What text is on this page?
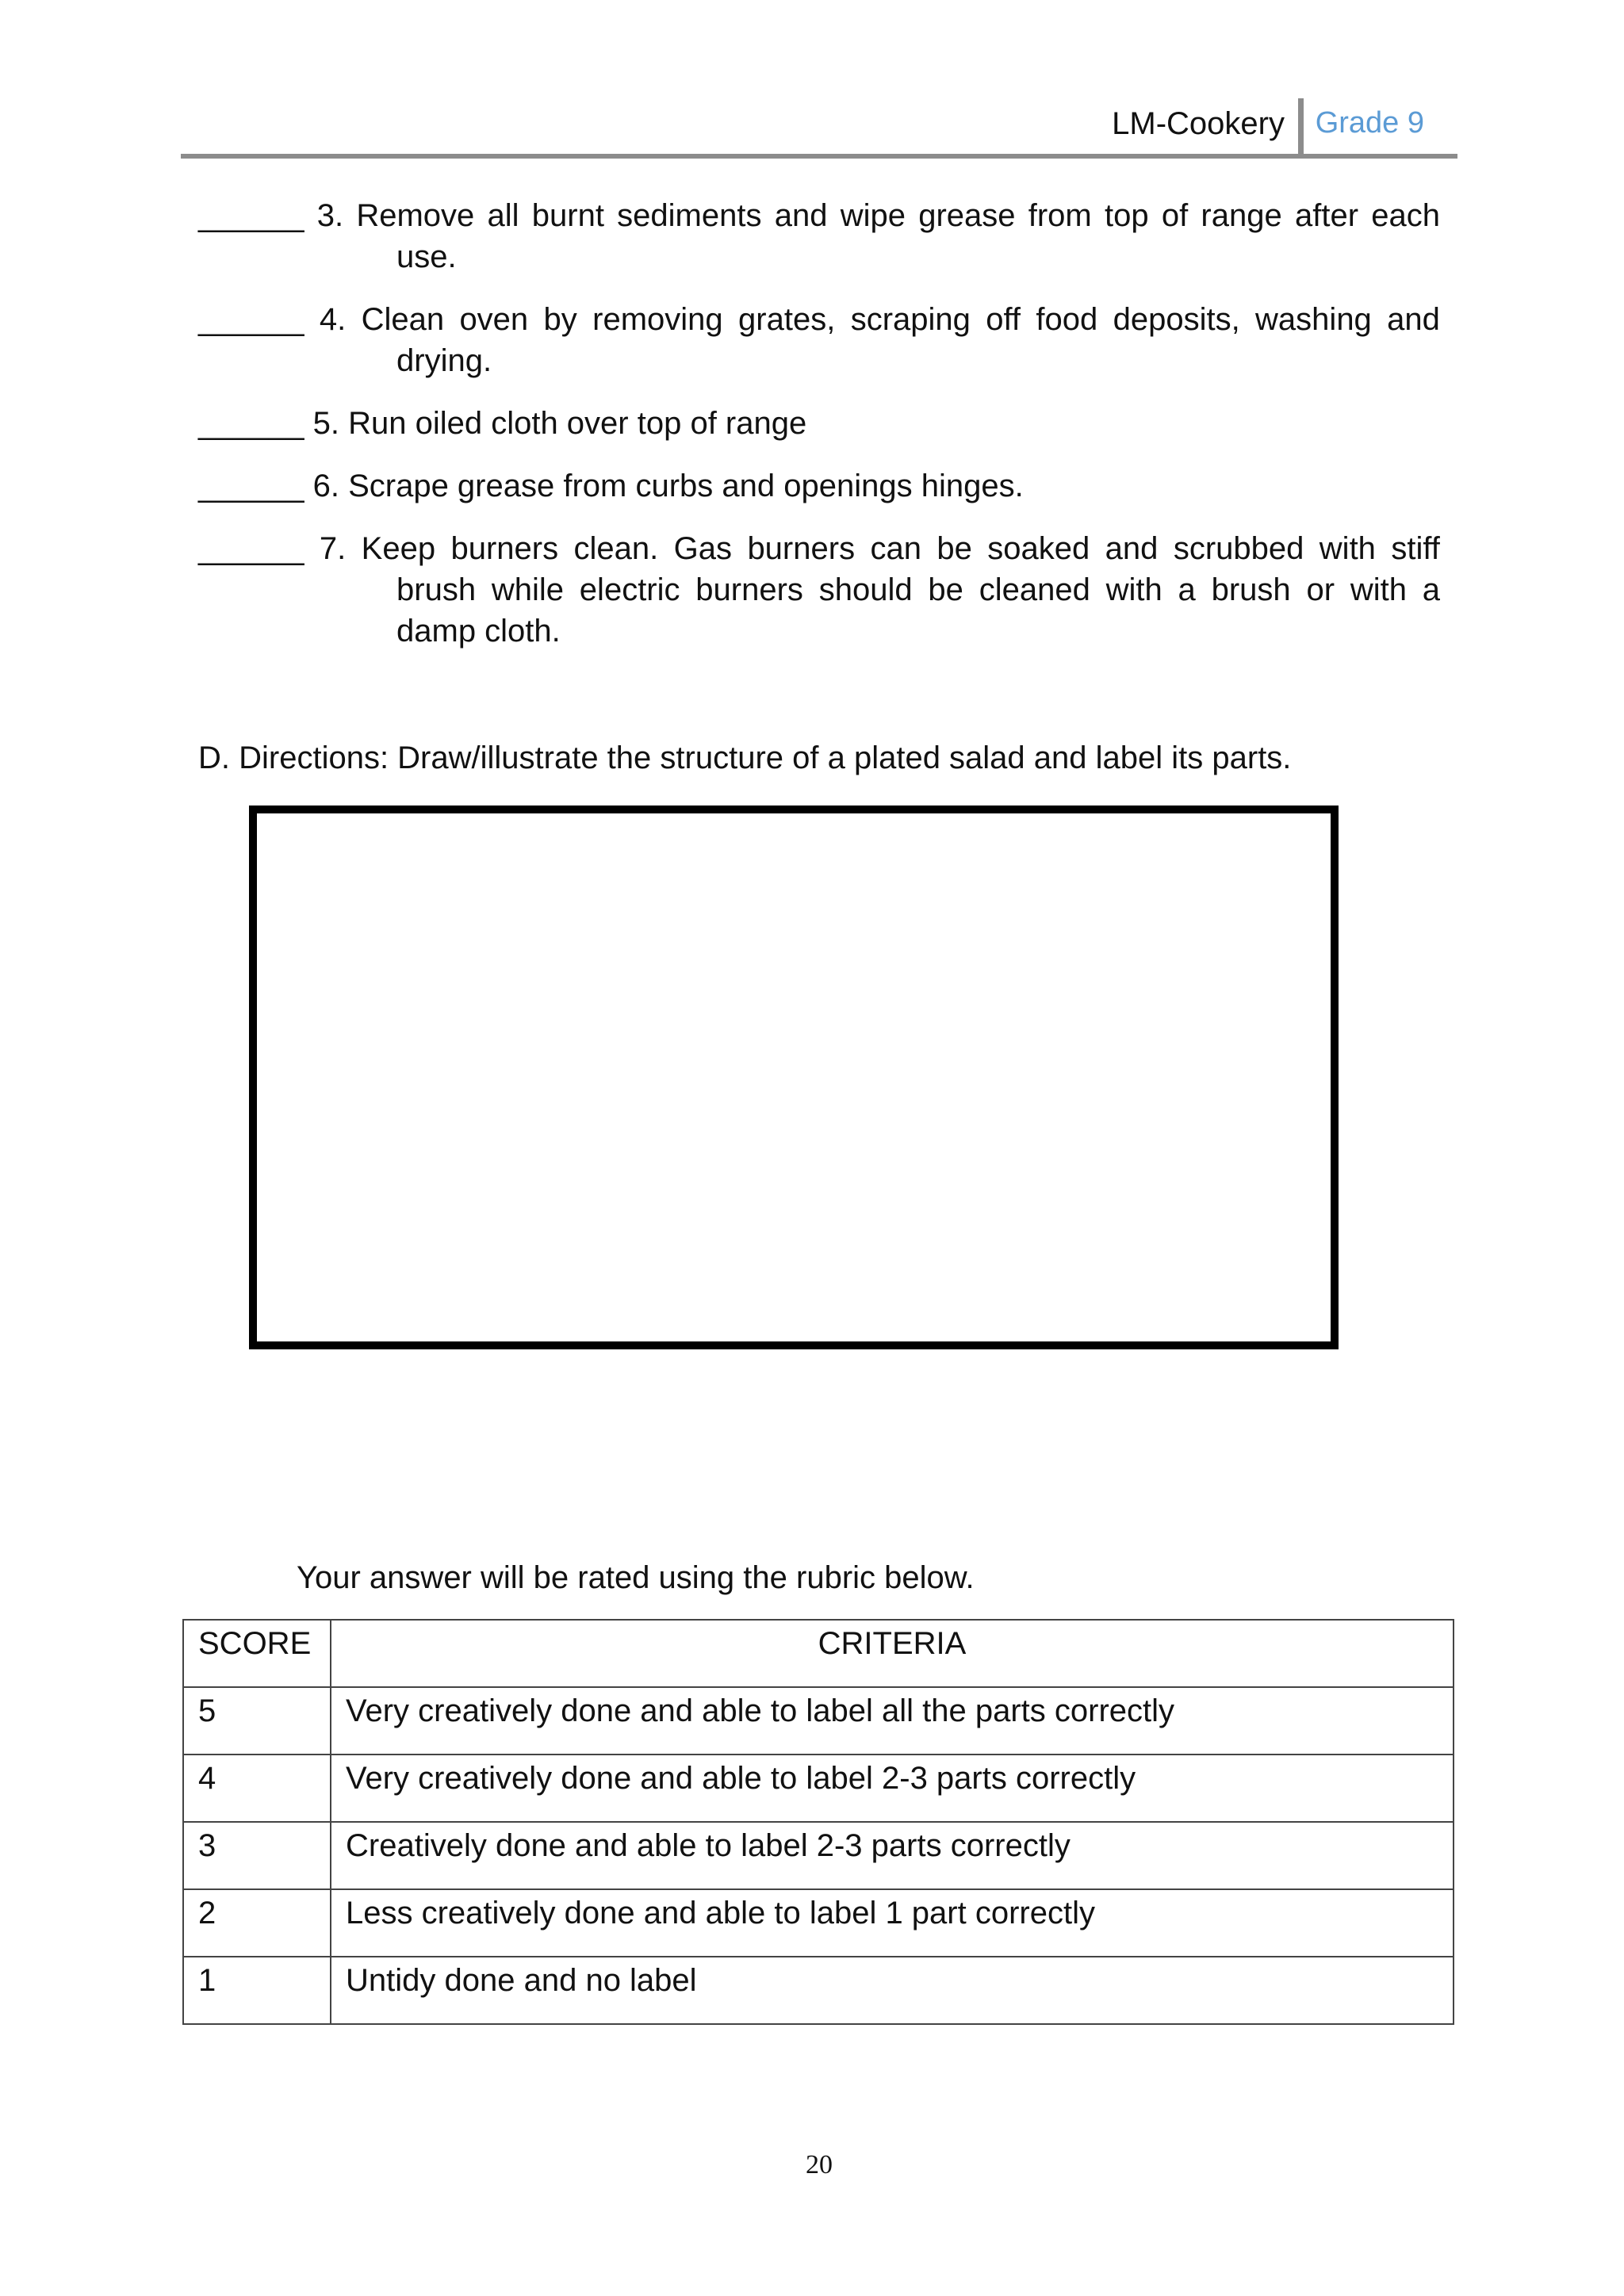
LM-Cookery Grade 9
______ 3. Remove all burnt sediments and wipe grease from top of range after each
use.
______ 4. Clean oven by removing grates, scraping off food deposits, washing and
drying.
______
5. Run oiled cloth over top of range
______
6. Scrape grease from curbs and openings hinges.
______ 7. Keep burners clean. Gas burners can be soaked and scrubbed with stiff
brush while electric burners should be cleaned with a brush or with a
damp cloth.
D. Directions: Draw/illustrate the structure of a plated salad and label its parts.
Your answer will be rated using the rubric below.
SCORE	CRITERIA
5	Very creatively done and able to label all the parts correctly
4	Very creatively done and able to label 2-3 parts correctly
3	Creatively done and able to label 2-3 parts correctly
2	Less creatively done and able to label 1 part correctly
1	Untidy done and no label
20
